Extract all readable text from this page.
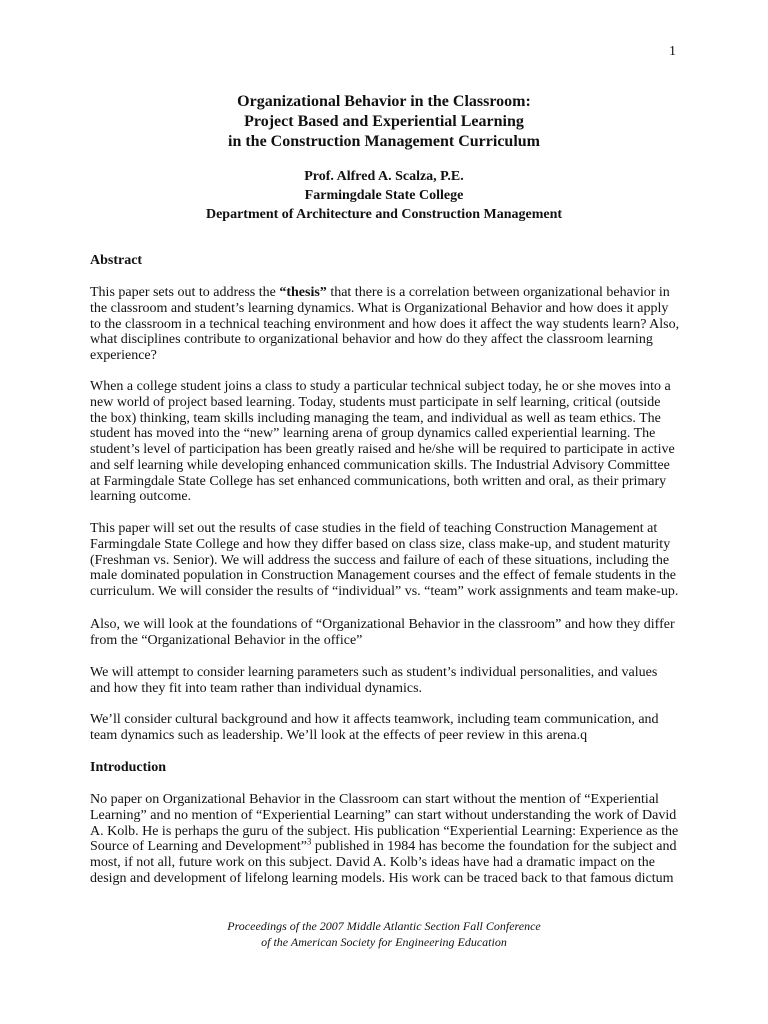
1

Organizational Behavior in the Classroom:

Project Based and Experiential Learning

in the Construction Management Curriculum

Prof. Alfred A. Scalza, P.E.

Farmingdale State College

Department of Architecture and Construction Management

Abstract

This paper sets out to address the “thesis” that there is a correlation between organizational behavior in the classroom and student’s learning dynamics. What is Organizational Behavior and how does it apply to the classroom in a technical teaching environment and how does it affect the way students learn? Also, what disciplines contribute to organizational behavior and how do they affect the classroom learning experience?

When a college student joins a class to study a particular technical subject today, he or she moves into a new world of project based learning. Today, students must participate in self learning, critical (outside the box) thinking, team skills including managing the team, and individual as well as team ethics. The student has moved into the “new” learning arena of group dynamics called experiential learning. The student’s level of participation has been greatly raised and he/she will be required to participate in active and self learning while developing enhanced communication skills. The Industrial Advisory Committee at Farmingdale State College has set enhanced communications, both written and oral, as their primary learning outcome.

This paper will set out the results of case studies in the field of teaching Construction Management at Farmingdale State College and how they differ based on class size, class make-up, and student maturity (Freshman vs. Senior). We will address the success and failure of each of these situations, including the male dominated population in Construction Management courses and the effect of female students in the curriculum. We will consider the results of “individual” vs. “team” work assignments and team make-up.

Also, we will look at the foundations of “Organizational Behavior in the classroom” and how they differ from the “Organizational Behavior in the office”

We will attempt to consider learning parameters such as student’s individual personalities, and values and how they fit into team rather than individual dynamics.

We’ll consider cultural background and how it affects teamwork, including team communication, and team dynamics such as leadership. We’ll look at the effects of peer review in this arena.q

Introduction

No paper on Organizational Behavior in the Classroom can start without the mention of “Experiential Learning” and no mention of “Experiential Learning” can start without understanding the work of David A. Kolb. He is perhaps the guru of the subject. His publication “Experiential Learning: Experience as the Source of Learning and Development”$^3$ published in 1984 has become the foundation for the subject and most, if not all, future work on this subject. David A. Kolb’s ideas have had a dramatic impact on the design and development of lifelong learning models. His work can be traced back to that famous dictum

Proceedings of the 2007 Middle Atlantic Section Fall Conference
of the American Society for Engineering Education
